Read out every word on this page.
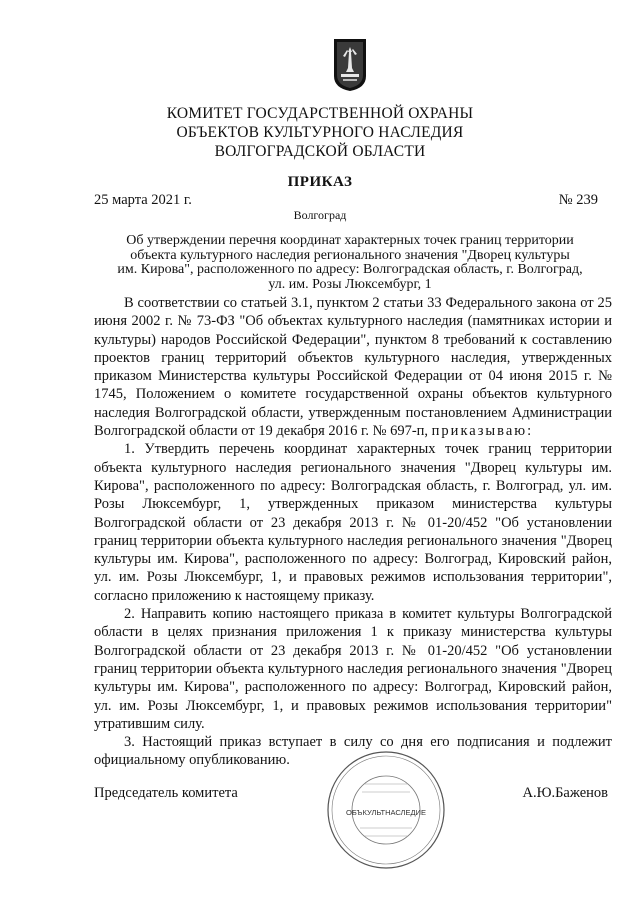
КОМИТЕТ ГОСУДАРСТВЕННОЙ ОХРАНЫ
ОБЪЕКТОВ КУЛЬТУРНОГО НАСЛЕДИЯ
ВОЛГОГРАДСКОЙ ОБЛАСТИ
ПРИКАЗ
25 марта 2021 г.	№ 239
Волгоград
Об утверждении перечня координат характерных точек границ территории
объекта культурного наследия регионального значения "Дворец культуры
им. Кирова", расположенного по адресу: Волгоградская область, г. Волгоград,
ул. им. Розы Люксембург, 1

В соответствии со статьей 3.1, пунктом 2 статьи 33 Федерального закона от 25 июня 2002 г. № 73-ФЗ "Об объектах культурного наследия (памятниках истории и культуры) народов Российской Федерации", пунктом 8 требований к составлению проектов границ территорий объектов культурного наследия, утвержденных приказом Министерства культуры Российской Федерации от 04 июня 2015 г. № 1745, Положением о комитете государственной охраны объектов культурного наследия Волгоградской области, утвержденным постановлением Администрации Волгоградской области от 19 декабря 2016 г. № 697-п, приказываю:

1. Утвердить перечень координат характерных точек границ территории объекта культурного наследия регионального значения "Дворец культуры им. Кирова", расположенного по адресу: Волгоградская область, г. Волгоград, ул. им. Розы Люксембург, 1, утвержденных приказом министерства культуры Волгоградской области от 23 декабря 2013 г. № 01-20/452 "Об установлении границ территории объекта культурного наследия регионального значения "Дворец культуры им. Кирова", расположенного по адресу: Волгоград, Кировский район, ул. им. Розы Люксембург, 1, и правовых режимов использования территории", согласно приложению к настоящему приказу.

2. Направить копию настоящего приказа в комитет культуры Волгоградской области в целях признания приложения 1 к приказу министерства культуры Волгоградской области от 23 декабря 2013 г. № 01-20/452 "Об установлении границ территории объекта культурного наследия регионального значения "Дворец культуры им. Кирова", расположенного по адресу: Волгоград, Кировский район, ул. им. Розы Люксембург, 1, и правовых режимов использования территории" утратившим силу.

3. Настоящий приказ вступает в силу со дня его подписания и подлежит официальному опубликованию.

ОБЪКУЛЬТНАСЛЕДИЕ
Председатель комитета	А.Ю.Баженов
